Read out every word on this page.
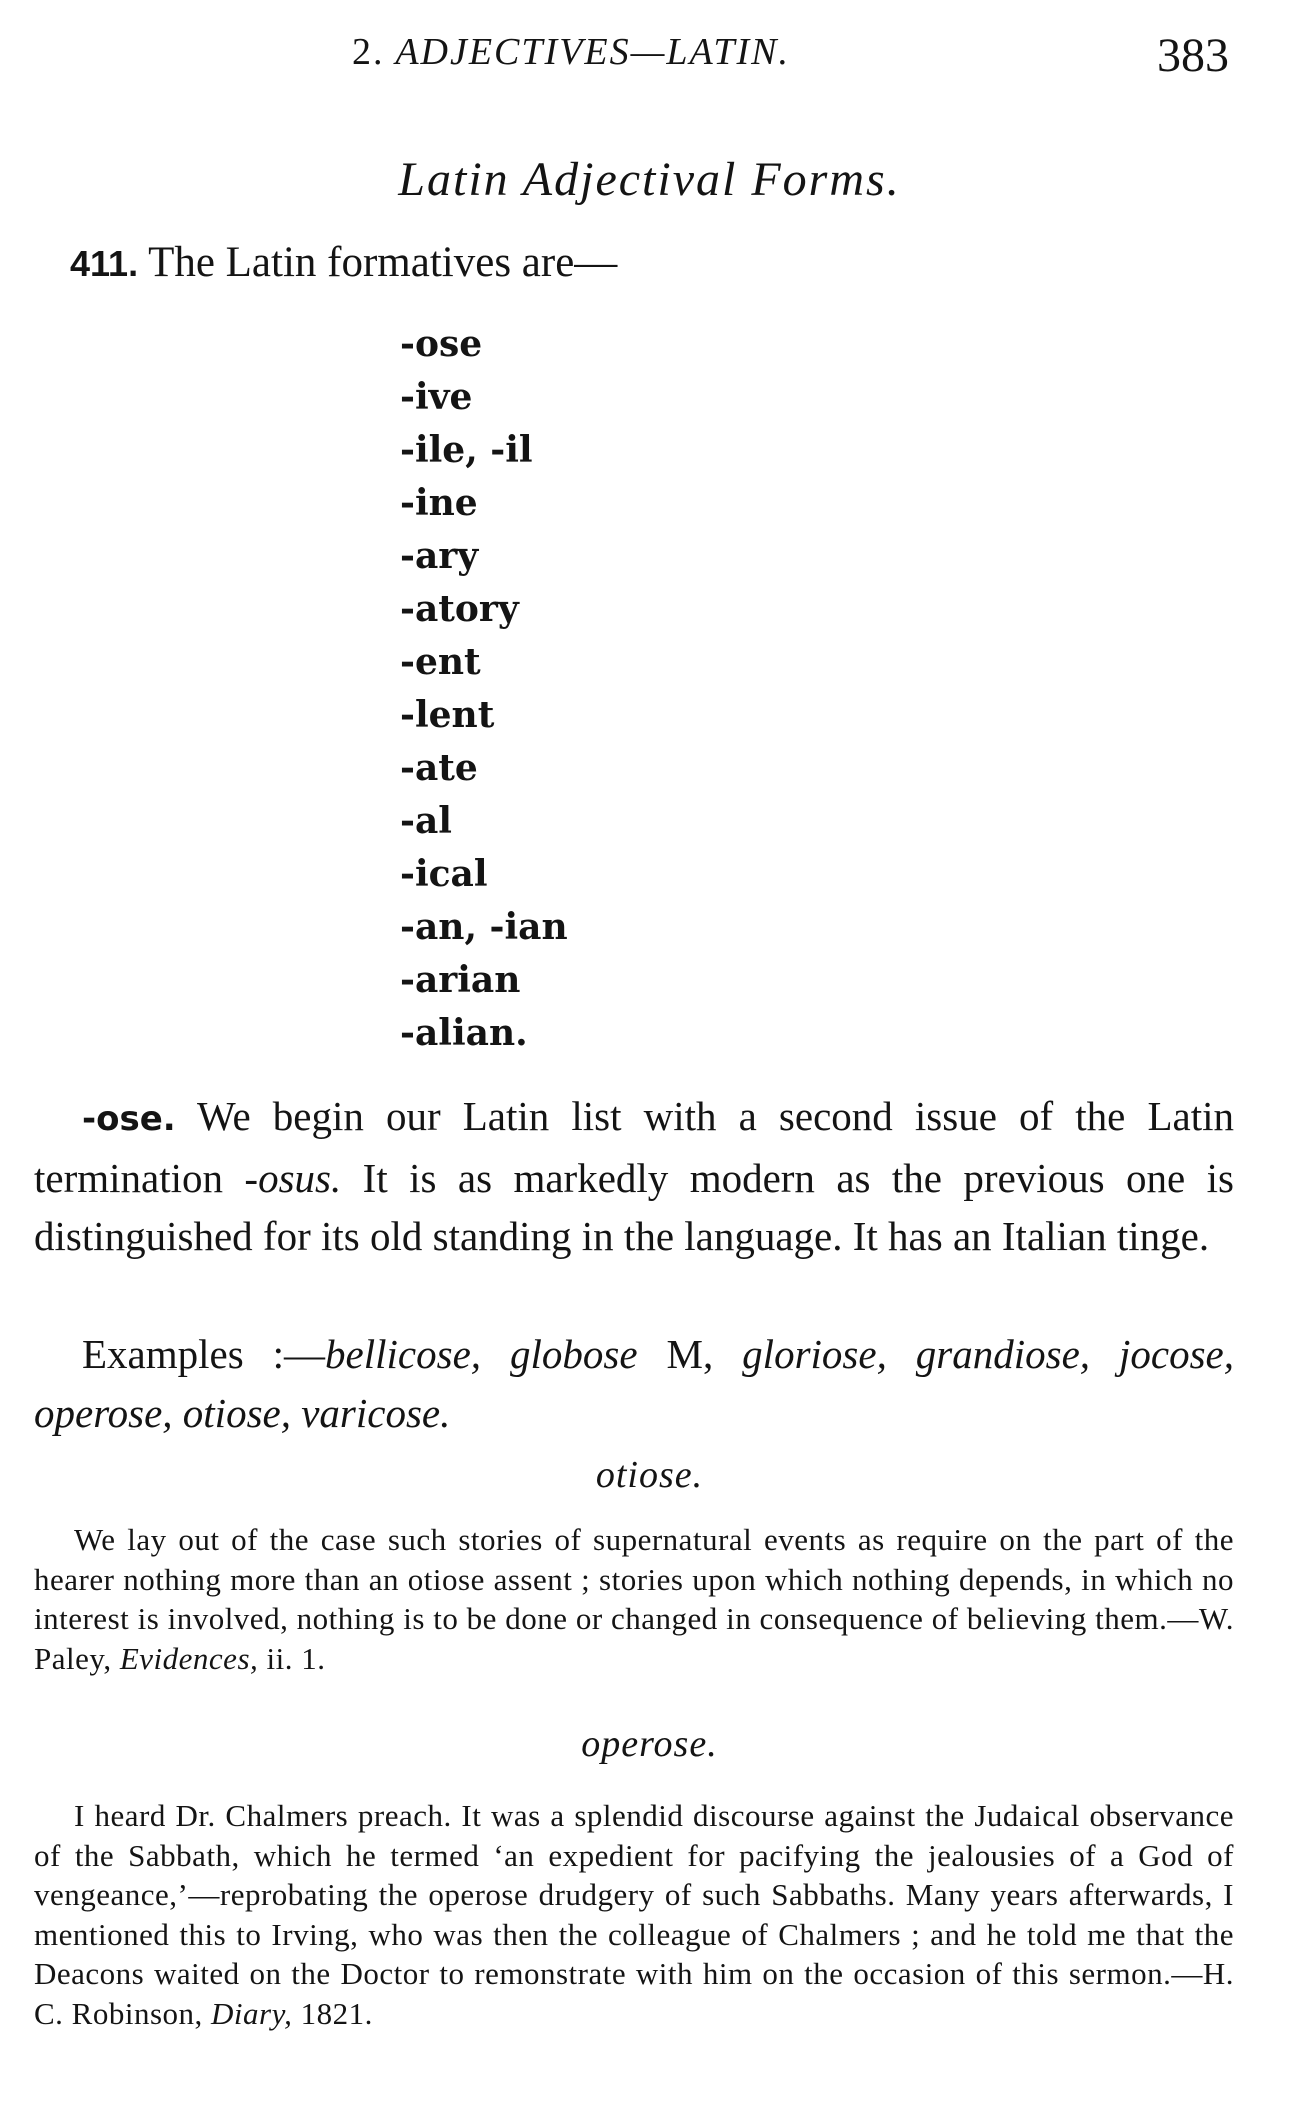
2. ADJECTIVES—LATIN.	383
Latin Adjectival Forms.
411. The Latin formatives are—
-ose
-ive
-ile, -il
-ine
-ary
-atory
-ent
-lent
-ate
-al
-ical
-an, -ian
-arian
-alian.

-ose. We begin our Latin list with a second issue of the Latin termination -osus. It is as markedly modern as the previous one is distinguished for its old standing in the language. It has an Italian tinge.

Examples :—bellicose, globose M, gloriose, grandiose, jocose, operose, otiose, varicose.

otiose.

We lay out of the case such stories of supernatural events as require on the part of the hearer nothing more than an otiose assent ; stories upon which nothing depends, in which no interest is involved, nothing is to be done or changed in consequence of believing them.—W. Paley, Evidences, ii. 1.

operose.

I heard Dr. Chalmers preach. It was a splendid discourse against the Judaical observance of the Sabbath, which he termed ‘an expedient for pacifying the jealousies of a God of vengeance,’—reprobating the operose drudgery of such Sabbaths. Many years afterwards, I mentioned this to Irving, who was then the colleague of Chalmers ; and he told me that the Deacons waited on the Doctor to remonstrate with him on the occasion of this sermon.—H. C. Robinson, Diary, 1821.
